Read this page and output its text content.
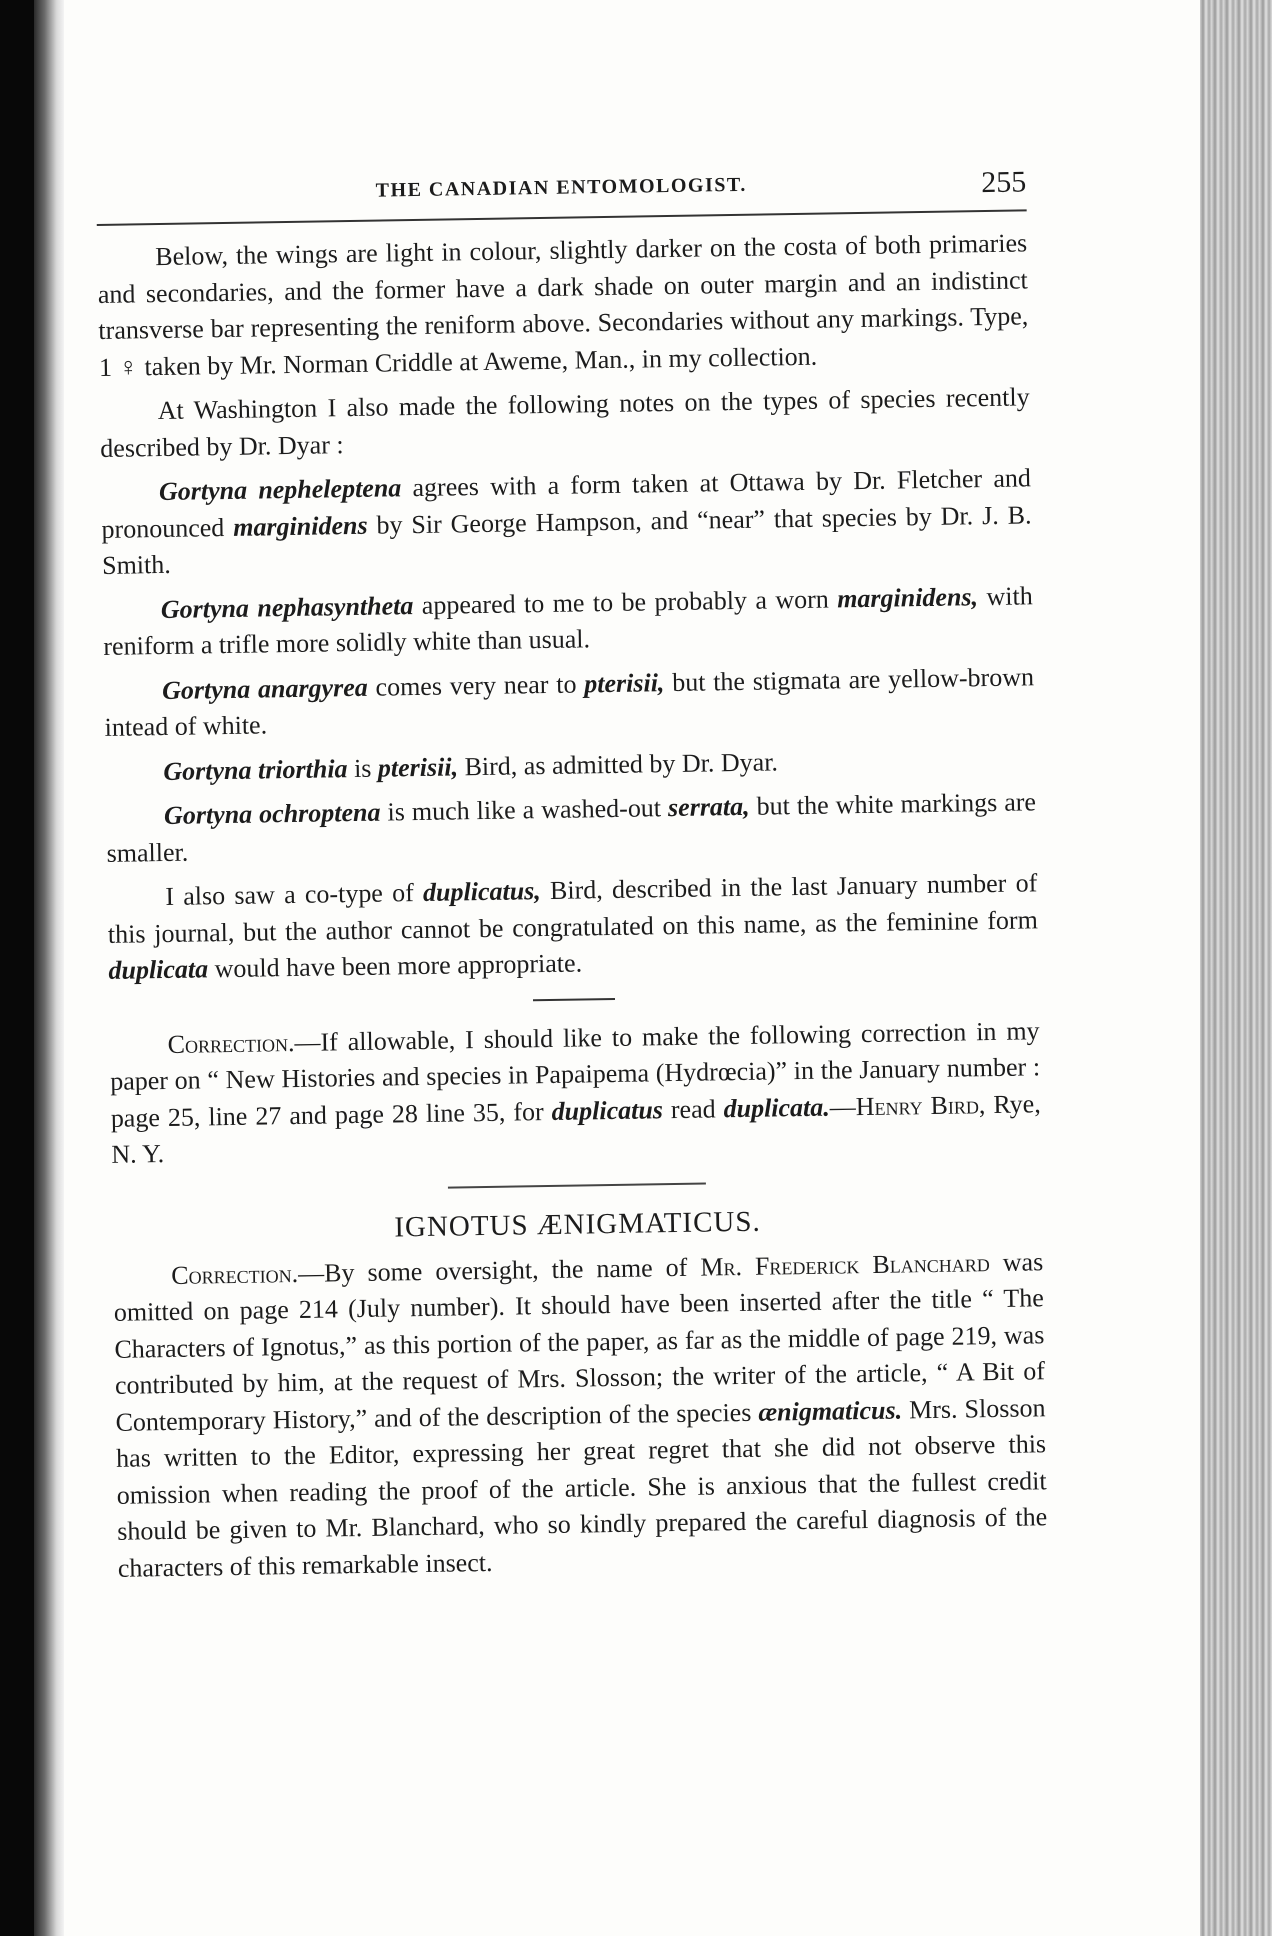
THE CANADIAN ENTOMOLOGIST.	255

Below, the wings are light in colour, slightly darker on the costa of both primaries and secondaries, and the former have a dark shade on outer margin and an indistinct transverse bar representing the reniform above. Secondaries without any markings. Type, 1 ♀ taken by Mr. Norman Criddle at Aweme, Man., in my collection.

At Washington I also made the following notes on the types of species recently described by Dr. Dyar :

Gortyna nepheleptena agrees with a form taken at Ottawa by Dr. Fletcher and pronounced marginidens by Sir George Hampson, and “near” that species by Dr. J. B. Smith.

Gortyna nephasyntheta appeared to me to be probably a worn marginidens, with reniform a trifle more solidly white than usual.

Gortyna anargyrea comes very near to pterisii, but the stigmata are yellow-brown intead of white.

Gortyna triorthia is pterisii, Bird, as admitted by Dr. Dyar.

Gortyna ochroptena is much like a washed-out serrata, but the white markings are smaller.

I also saw a co-type of duplicatus, Bird, described in the last January number of this journal, but the author cannot be congratulated on this name, as the feminine form duplicata would have been more appropriate.

Correction.—If allowable, I should like to make the following correction in my paper on “ New Histories and species in Papaipema (Hydrœcia)” in the January number : page 25, line 27 and page 28 line 35, for duplicatus read duplicata.—Henry Bird, Rye, N. Y.

IGNOTUS ÆNIGMATICUS.

Correction.—By some oversight, the name of Mr. Frederick Blanchard was omitted on page 214 (July number). It should have been inserted after the title “ The Characters of Ignotus,” as this portion of the paper, as far as the middle of page 219, was contributed by him, at the request of Mrs. Slosson; the writer of the article, “ A Bit of Contemporary History,” and of the description of the species ænigmaticus. Mrs. Slosson has written to the Editor, expressing her great regret that she did not observe this omission when reading the proof of the article. She is anxious that the fullest credit should be given to Mr. Blanchard, who so kindly prepared the careful diagnosis of the characters of this remarkable insect.
